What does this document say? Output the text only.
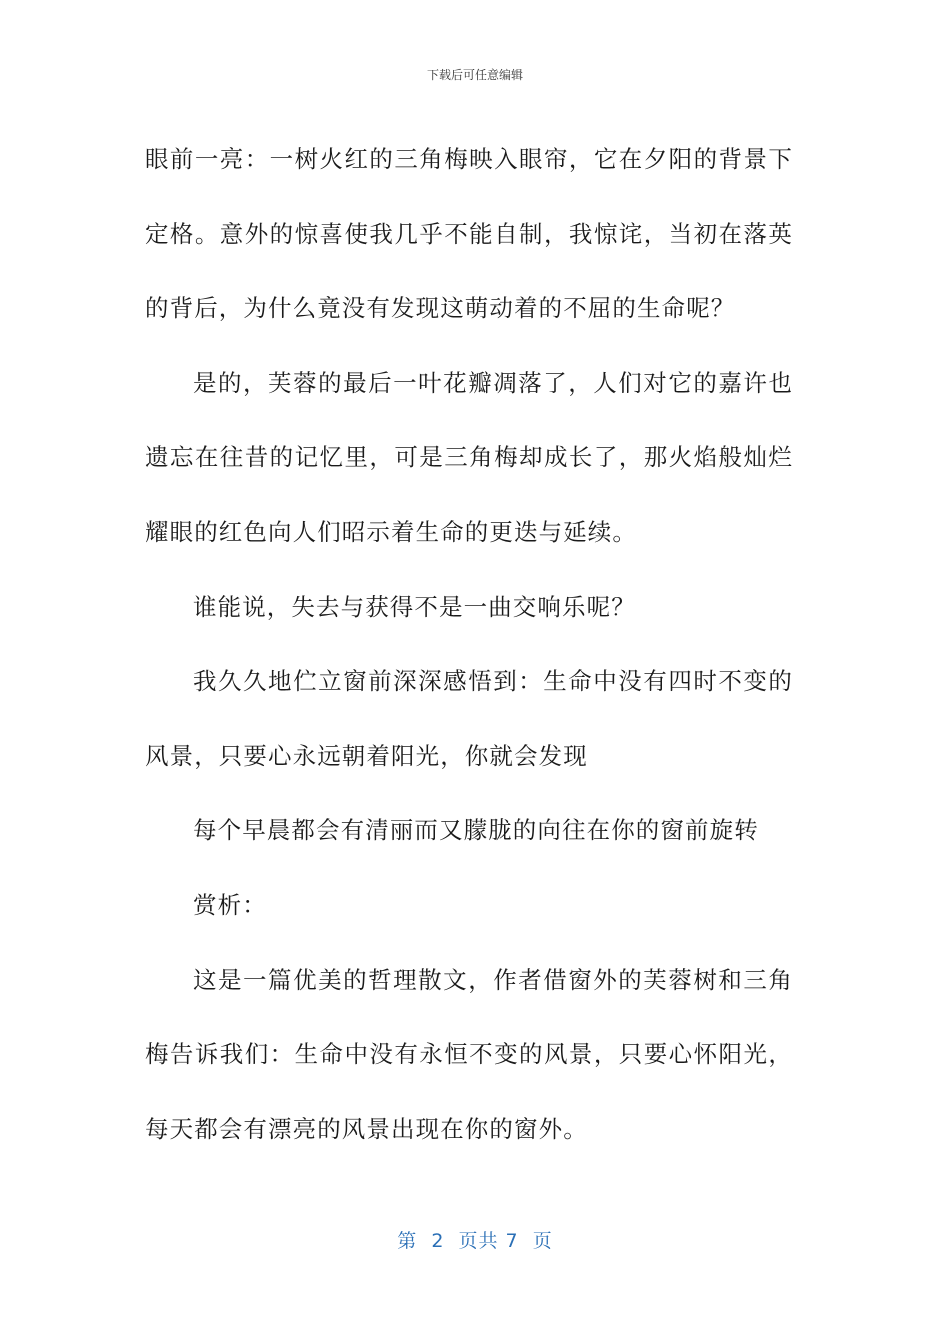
下载后可任意编辑

眼前一亮：一树火红的三角梅映入眼帘，它在夕阳的背景下定格。意外的惊喜使我几乎不能自制，我惊诧，当初在落英的背后，为什么竟没有发现这萌动着的不屈的生命呢？

是的，芙蓉的最后一叶花瓣凋落了，人们对它的嘉许也遗忘在往昔的记忆里，可是三角梅却成长了，那火焰般灿烂耀眼的红色向人们昭示着生命的更迭与延续。

谁能说，失去与获得不是一曲交响乐呢？

我久久地伫立窗前深深感悟到：生命中没有四时不变的风景，只要心永远朝着阳光，你就会发现

每个早晨都会有清丽而又朦胧的向往在你的窗前旋转

赏析：

这是一篇优美的哲理散文，作者借窗外的芙蓉树和三角梅告诉我们：生命中没有永恒不变的风景，只要心怀阳光，每天都会有漂亮的风景出现在你的窗外。

第  2  页共 7  页
